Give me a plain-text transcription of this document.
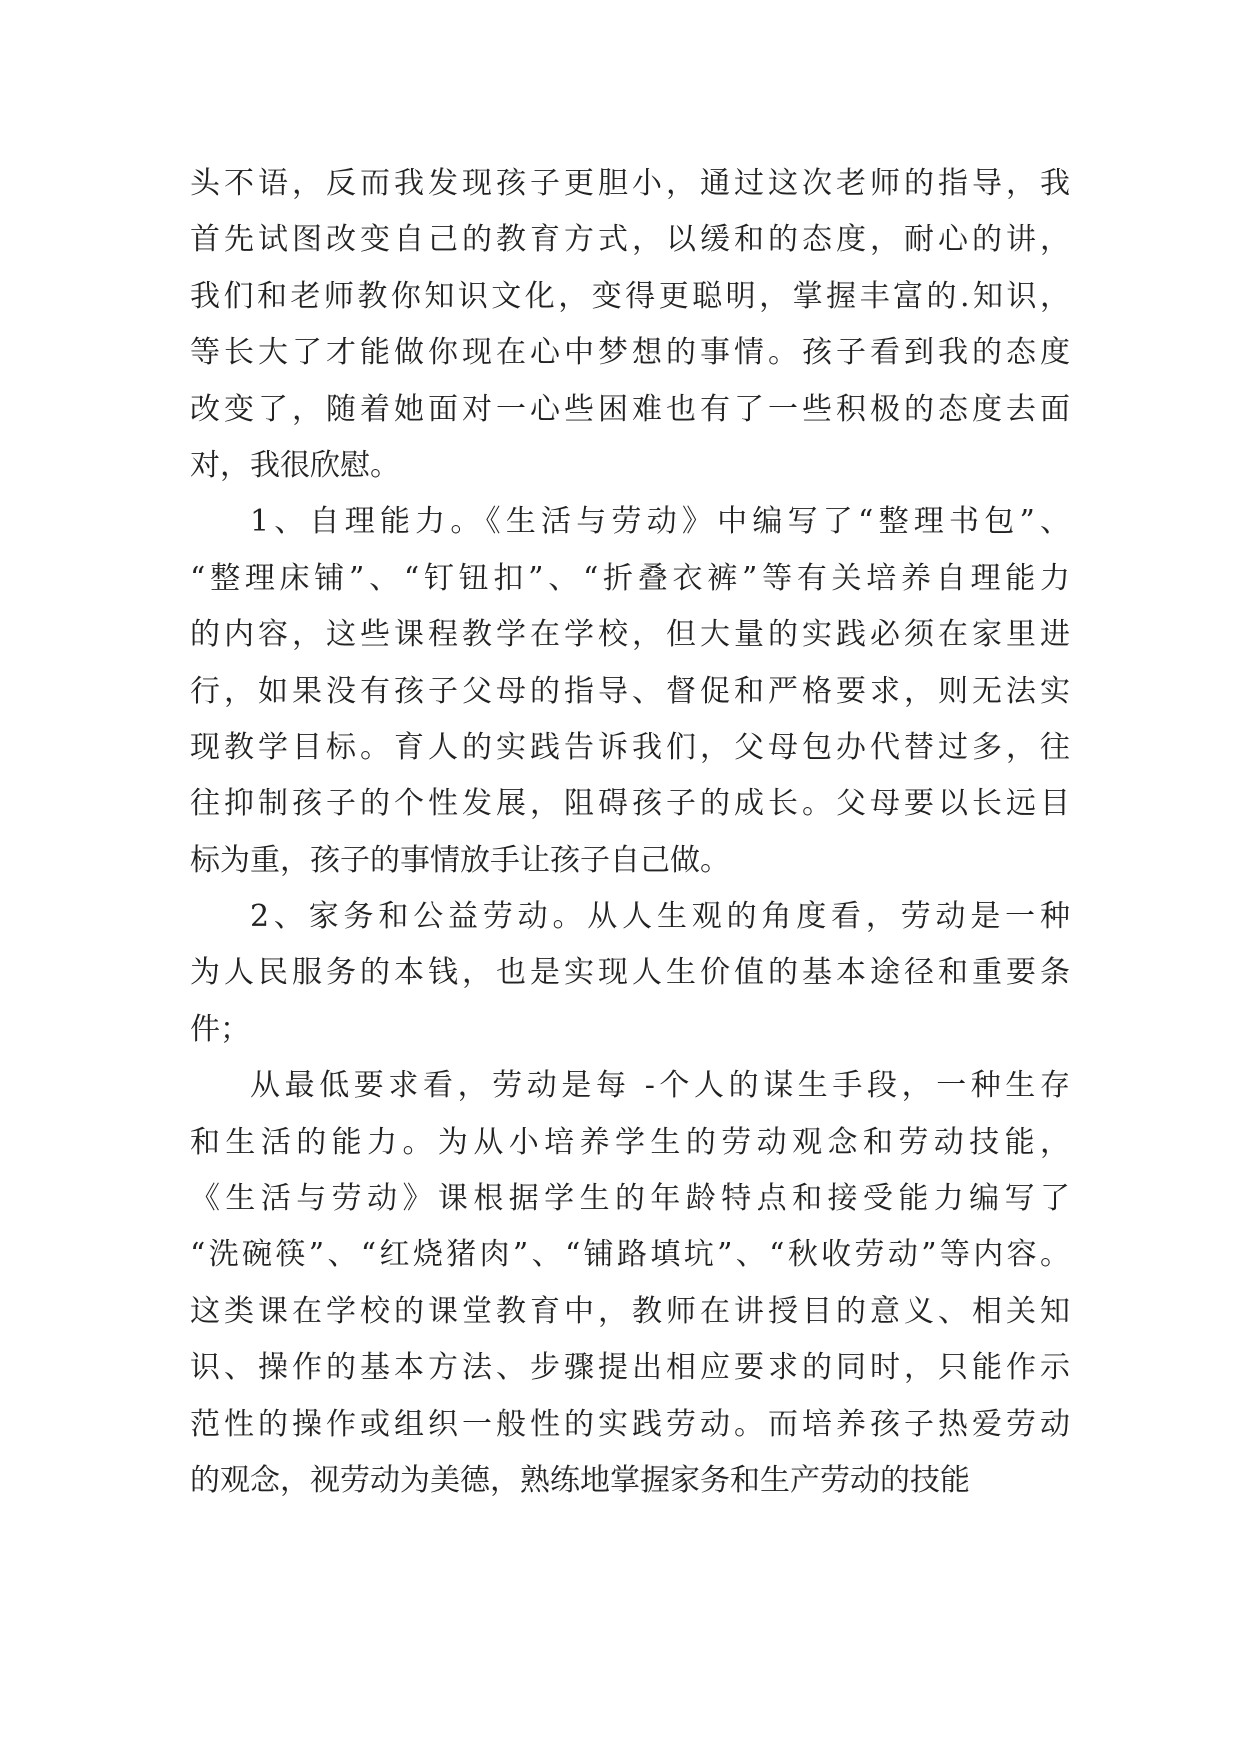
头不语，反而我发现孩子更胆小，通过这次老师的指导，我
首先试图改变自己的教育方式，以缓和的态度，耐心的讲，
我们和老师教你知识文化，变得更聪明，掌握丰富的.知识，
等长大了才能做你现在心中梦想的事情。孩子看到我的态度
改变了，随着她面对一心些困难也有了一些积极的态度去面
对，我很欣慰。
1、自理能力。《生活与劳动》中编写了“整理书包”、
“整理床铺”、“钉钮扣”、“折叠衣裤”等有关培养自理能力
的内容，这些课程教学在学校，但大量的实践必须在家里进
行，如果没有孩子父母的指导、督促和严格要求，则无法实
现教学目标。育人的实践告诉我们，父母包办代替过多，往
往抑制孩子的个性发展，阻碍孩子的成长。父母要以长远目
标为重，孩子的事情放手让孩子自己做。
2、家务和公益劳动。从人生观的角度看，劳动是一种
为人民服务的本钱，也是实现人生价值的基本途径和重要条
件；
从最低要求看，劳动是每 -个人的谋生手段，一种生存
和生活的能力。为从小培养学生的劳动观念和劳动技能，
《生活与劳动》课根据学生的年龄特点和接受能力编写了
“洗碗筷”、“红烧猪肉”、“铺路填坑”、“秋收劳动”等内容。
这类课在学校的课堂教育中，教师在讲授目的意义、相关知
识、操作的基本方法、步骤提出相应要求的同时，只能作示
范性的操作或组织一般性的实践劳动。而培养孩子热爱劳动
的观念，视劳动为美德，熟练地掌握家务和生产劳动的技能
